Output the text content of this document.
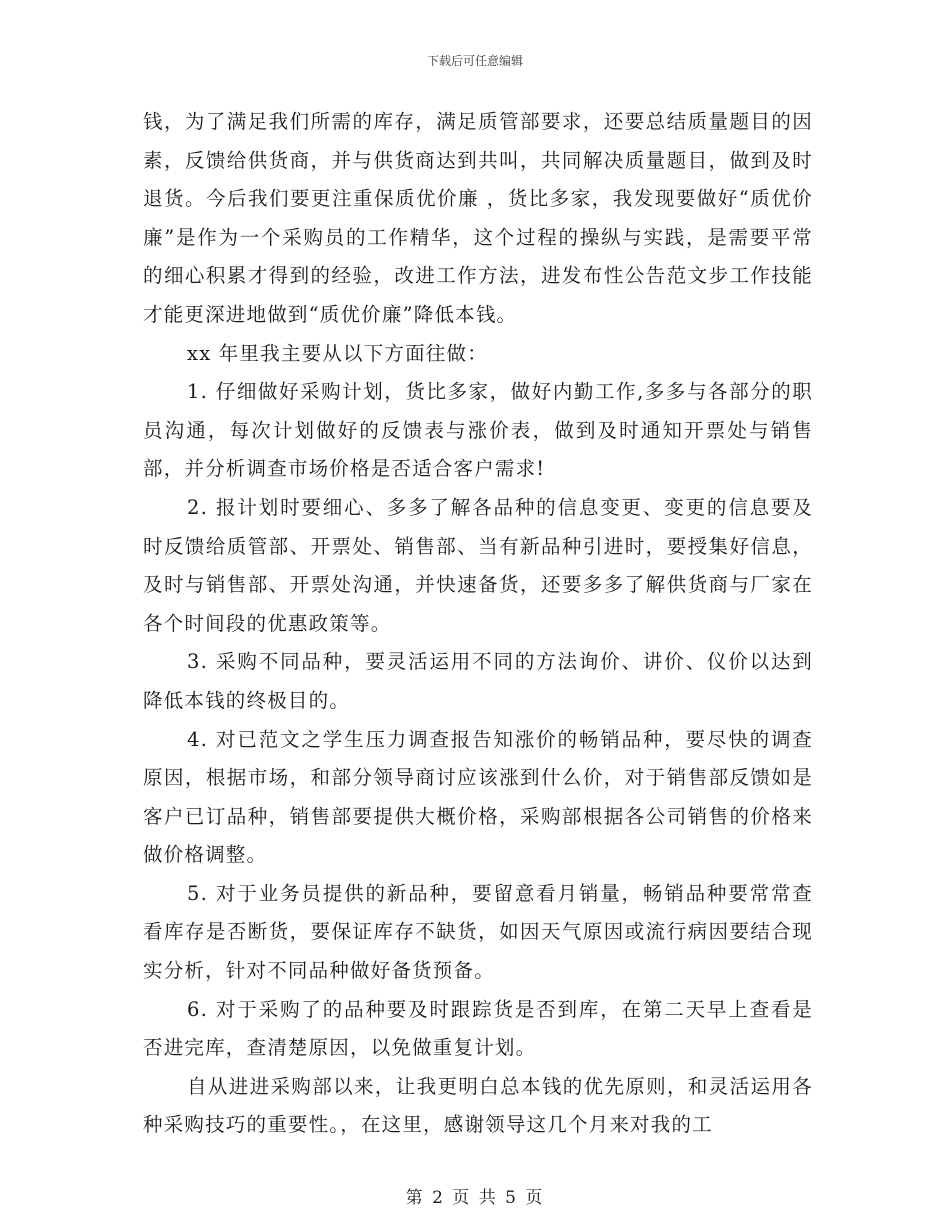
下载后可任意编辑

钱，为了满足我们所需的库存，满足质管部要求，还要总结质量题目的因素，反馈给供货商，并与供货商达到共叫，共同解决质量题目，做到及时退货。今后我们要更注重保质优价廉 ，货比多家，我发现要做好“质优价廉”是作为一个采购员的工作精华，这个过程的操纵与实践，是需要平常的细心积累才得到的经验，改进工作方法，进发布性公告范文步工作技能才能更深进地做到“质优价廉”降低本钱。

xx 年里我主要从以下方面往做：

1. 仔细做好采购计划，货比多家，做好内勤工作,多多与各部分的职员沟通，每次计划做好的反馈表与涨价表，做到及时通知开票处与销售部，并分析调查市场价格是否适合客户需求!

2. 报计划时要细心、多多了解各品种的信息变更、变更的信息要及时反馈给质管部、开票处、销售部、当有新品种引进时，要授集好信息，及时与销售部、开票处沟通，并快速备货，还要多多了解供货商与厂家在各个时间段的优惠政策等。

3. 采购不同品种，要灵活运用不同的方法询价、讲价、仪价以达到降低本钱的终极目的。

4. 对已范文之学生压力调查报告知涨价的畅销品种，要尽快的调查原因，根据市场，和部分领导商讨应该涨到什么价，对于销售部反馈如是客户已订品种，销售部要提供大概价格，采购部根据各公司销售的价格来做价格调整。

5. 对于业务员提供的新品种，要留意看月销量，畅销品种要常常查看库存是否断货，要保证库存不缺货，如因天气原因或流行病因要结合现实分析，针对不同品种做好备货预备。

6. 对于采购了的品种要及时跟踪货是否到库，在第二天早上查看是否进完库，查清楚原因，以免做重复计划。

自从进进采购部以来，让我更明白总本钱的优先原则，和灵活运用各种采购技巧的重要性。，在这里，感谢领导这几个月来对我的工

第 2 页 共 5 页
